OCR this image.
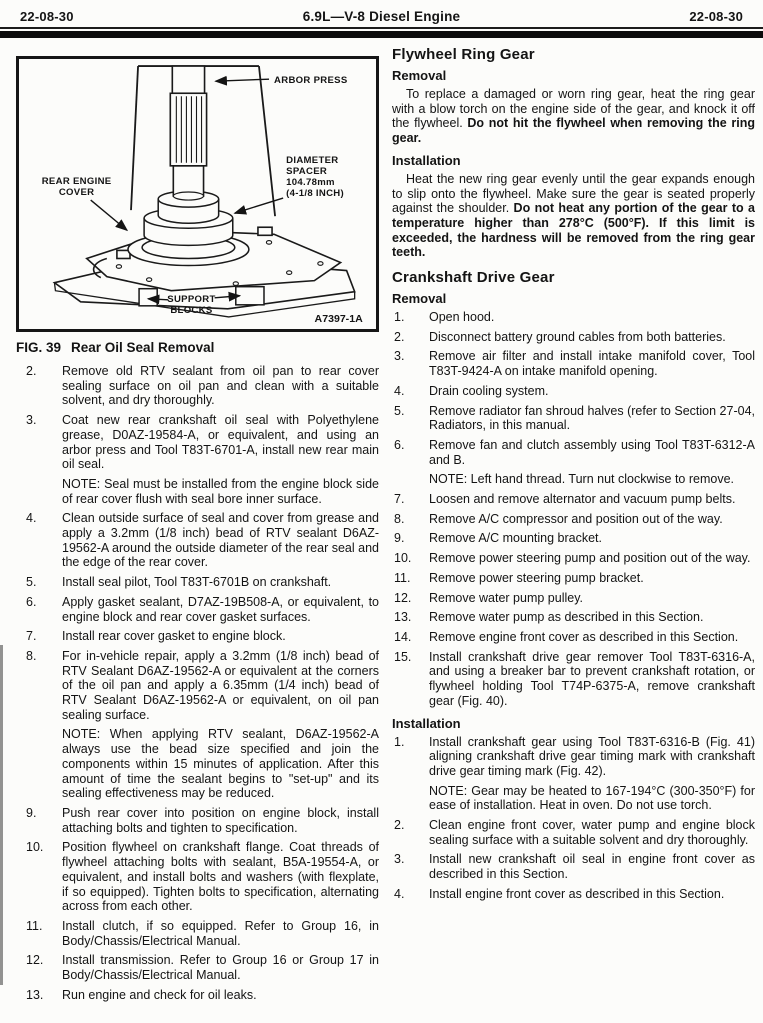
22-08-30	6.9L—V-8 Diesel Engine	22-08-30
ARBOR PRESS
DIAMETER
SPACER
104.78mm
(4-1/8 INCH)
REAR ENGINE
COVER
SUPPORT
BLOCKS
A7397-1A
FIG. 39 Rear Oil Seal Removal
2. Remove old RTV sealant from oil pan to rear cover sealing surface on oil pan and clean with a suitable solvent, and dry thoroughly.

3. Coat new rear crankshaft oil seal with Polyethylene grease, D0AZ-19584-A, or equivalent, and using an arbor press and Tool T83T-6701-A, install new rear main oil seal.

NOTE: Seal must be installed from the engine block side of rear cover flush with seal bore inner surface.

4. Clean outside surface of seal and cover from grease and apply a 3.2mm (1/8 inch) bead of RTV sealant D6AZ-19562-A around the outside diameter of the rear seal and the edge of the rear cover.

5. Install seal pilot, Tool T83T-6701B on crankshaft.

6. Apply gasket sealant, D7AZ-19B508-A, or equivalent, to engine block and rear cover gasket surfaces.

7. Install rear cover gasket to engine block.

8. For in-vehicle repair, apply a 3.2mm (1/8 inch) bead of RTV Sealant D6AZ-19562-A or equivalent at the corners of the oil pan and apply a 6.35mm (1/4 inch) bead of RTV Sealant D6AZ-19562-A or equivalent, on oil pan sealing surface.

NOTE: When applying RTV sealant, D6AZ-19562-A always use the bead size specified and join the components within 15 minutes of application. After this amount of time the sealant begins to "set-up" and its sealing effectiveness may be reduced.

9. Push rear cover into position on engine block, install attaching bolts and tighten to specification.

10. Position flywheel on crankshaft flange. Coat threads of flywheel attaching bolts with sealant, B5A-19554-A, or equivalent, and install bolts and washers (with flexplate, if so equipped). Tighten bolts to specification, alternating across from each other.

11. Install clutch, if so equipped. Refer to Group 16, in Body/Chassis/Electrical Manual.

12. Install transmission. Refer to Group 16 or Group 17 in Body/Chassis/Electrical Manual.

13. Run engine and check for oil leaks.

Flywheel Ring Gear
Removal

To replace a damaged or worn ring gear, heat the ring gear with a blow torch on the engine side of the gear, and knock it off the flywheel. Do not hit the flywheel when removing the ring gear.

Installation

Heat the new ring gear evenly until the gear expands enough to slip onto the flywheel. Make sure the gear is seated properly against the shoulder. Do not heat any portion of the gear to a temperature higher than 278°C (500°F). If this limit is exceeded, the hardness will be removed from the ring gear teeth.

Crankshaft Drive Gear
Removal
1. Open hood.

2. Disconnect battery ground cables from both batteries.

3. Remove air filter and install intake manifold cover, Tool T83T-9424-A on intake manifold opening.

4. Drain cooling system.

5. Remove radiator fan shroud halves (refer to Section 27-04, Radiators, in this manual.

6. Remove fan and clutch assembly using Tool T83T-6312-A and B.

NOTE: Left hand thread. Turn nut clockwise to remove.

7. Loosen and remove alternator and vacuum pump belts.

8. Remove A/C compressor and position out of the way.

9. Remove A/C mounting bracket.

10. Remove power steering pump and position out of the way.

11. Remove power steering pump bracket.

12. Remove water pump pulley.

13. Remove water pump as described in this Section.

14. Remove engine front cover as described in this Section.

15. Install crankshaft drive gear remover Tool T83T-6316-A, and using a breaker bar to prevent crankshaft rotation, or flywheel holding Tool T74P-6375-A, remove crankshaft gear (Fig. 40).

Installation
1. Install crankshaft gear using Tool T83T-6316-B (Fig. 41) aligning crankshaft drive gear timing mark with crankshaft drive gear timing mark (Fig. 42).

NOTE: Gear may be heated to 167-194°C (300-350°F) for ease of installation. Heat in oven. Do not use torch.

2. Clean engine front cover, water pump and engine block sealing surface with a suitable solvent and dry thoroughly.

3. Install new crankshaft oil seal in engine front cover as described in this Section.

4. Install engine front cover as described in this Section.
